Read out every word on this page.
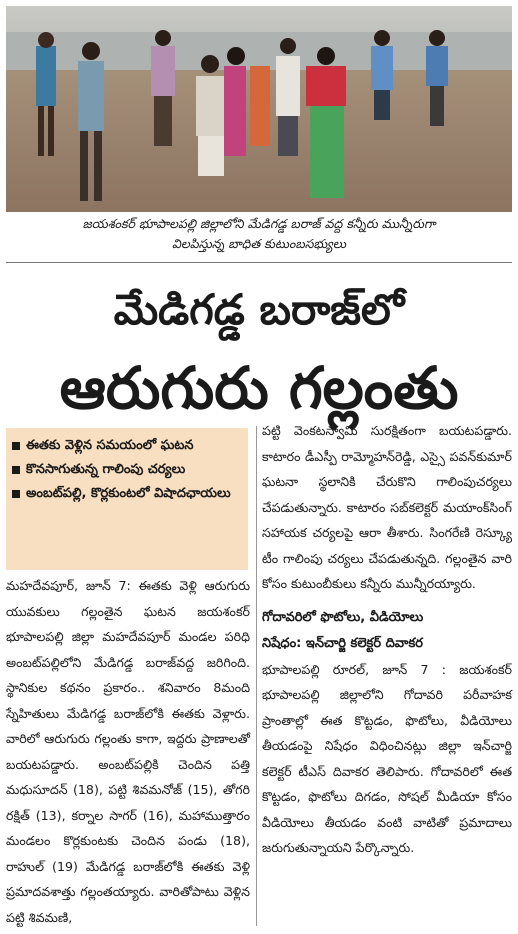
జయశంకర్ భూపాలపల్లి జిల్లాలోని మేడిగడ్డ బరాజ్ వద్ద కన్నీరు మున్నీరుగా
విలపిస్తున్న బాధిత కుటుంబసభ్యులు
మేడిగడ్డ బరాజ్‌లో
ఆరుగురు గల్లంతు
ఈతకు వెళ్లిన సమయంలో ఘటన
కొనసాగుతున్న గాలింపు చర్యలు
అంబట్‌పల్లి, కొర్లకుంటలో విషాదఛాయలు

మహదేవపూర్, జూన్ 7: ఈతకు వెళ్లి ఆరుగురు యువకులు గల్లంతైన ఘటన జయశంకర్ భూపాలపల్లి జిల్లా మహదేవపూర్ మండల పరిధి అంబట్‌పల్లిలోని మేడిగడ్డ బరాజ్‌వద్ద జరిగింది. స్థానికుల కథనం ప్రకారం.. శనివారం 8మంది స్నేహితులు మేడిగడ్డ బరాజ్‌లోకి ఈతకు వెళ్లారు. వారిలో ఆరుగురు గల్లంతు కాగా, ఇద్దరు ప్రాణాలతో బయటపడ్డారు. అంబట్‌పల్లికి చెందిన పత్తి మధుసూదన్ (18), పట్టి శివమనోజ్ (15), తోగరి రక్షిత్ (13), కర్నాల సాగర్ (16), మహాముత్తారం మండలం కొర్లకుంటకు చెందిన పండు (18), రాహుల్ (19) మేడిగడ్డ బరాజ్‌లోకి ఈతకు వెళ్లి ప్రమాదవశాత్తు గల్లంతయ్యారు. వారితోపాటు వెళ్లిన పట్టి శివమణి,

పట్టి వెంకటస్వామి సురక్షితంగా బయటపడ్డారు. కాటారం డీఎస్పీ రామ్మోహన్‌రెడ్డి, ఎస్సై పవన్‌కుమార్ ఘటనా స్థలానికి చేరుకొని గాలింపుచర్యలు చేపడుతున్నారు. కాటారం సబ్‌కలెక్టర్ మయాంక్‌సింగ్ సహాయక చర్యలపై ఆరా తీశారు. సింగరేణి రెస్క్యూ టీం గాలింపు చర్యలు చేపడుతున్నది. గల్లంతైన వారి కోసం కుటుంబీకులు కన్నీరు మున్నీరయ్యారు.

గోదావరిలో ఫొటోలు, వీడియోలు
నిషేధం: ఇన్‌చార్జి కలెక్టర్ దివాకర

భూపాలపల్లి రూరల్, జూన్ 7 : జయశంకర్ భూపాలపల్లి జిల్లాలోని గోదావరి పరీవాహక ప్రాంతాల్లో ఈత కొట్టడం, ఫొటోలు, వీడియోలు తీయడంపై నిషేధం విధించినట్లు జిల్లా ఇన్‌చార్జి కలెక్టర్ టీఎస్ దివాకర తెలిపారు. గోదావరిలో ఈత కొట్టడం, ఫొటోలు దిగడం, సోషల్ మీడియా కోసం వీడియోలు తీయడం వంటి వాటితో ప్రమాదాలు జరుగుతున్నాయని పేర్కొన్నారు.
